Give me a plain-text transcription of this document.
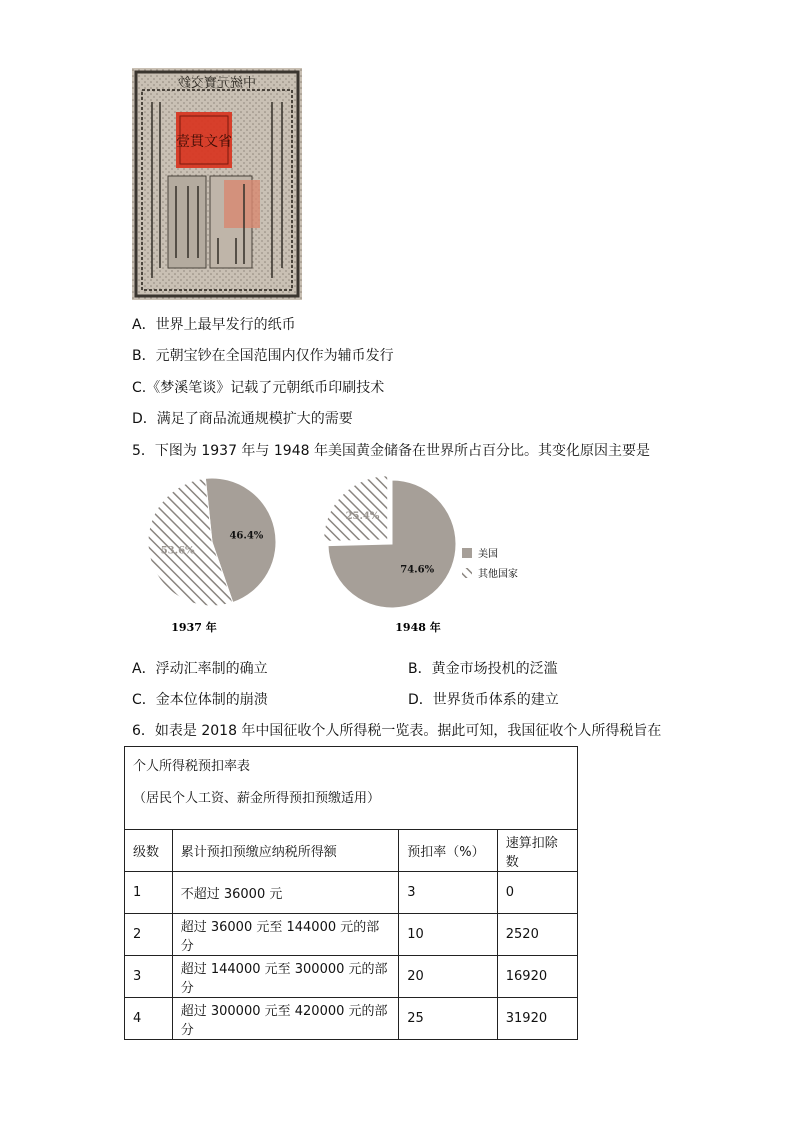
中統元寶交鈔
壹貫文省
A．世界上最早发行的纸币
B．元朝宝钞在全国范围内仅作为辅币发行
C.《梦溪笔谈》记载了元朝纸币印刷技术
D．满足了商品流通规模扩大的需要
5．下图为 1937 年与 1948 年美国黄金储备在世界所占百分比。其变化原因主要是
46.4%
53.6%
74.6%
25.4%
1937 年	1948 年
美国
其他国家
A．浮动汇率制的确立	B．黄金市场投机的泛滥
C．金本位体制的崩溃	D．世界货币体系的建立
6．如表是 2018 年中国征收个人所得税一览表。据此可知，我国征收个人所得税旨在
个人所得税预扣率表
（居民个人工资、薪金所得预扣预缴适用）			

级数	累计预扣预缴应纳税所得额	预扣率（%）	速算扣除数
1	不超过 36000 元	3	0
2	超过 36000 元至 144000 元的部分	10	2520
3	超过 144000 元至 300000 元的部分	20	16920
4	超过 300000 元至 420000 元的部分	25	31920
